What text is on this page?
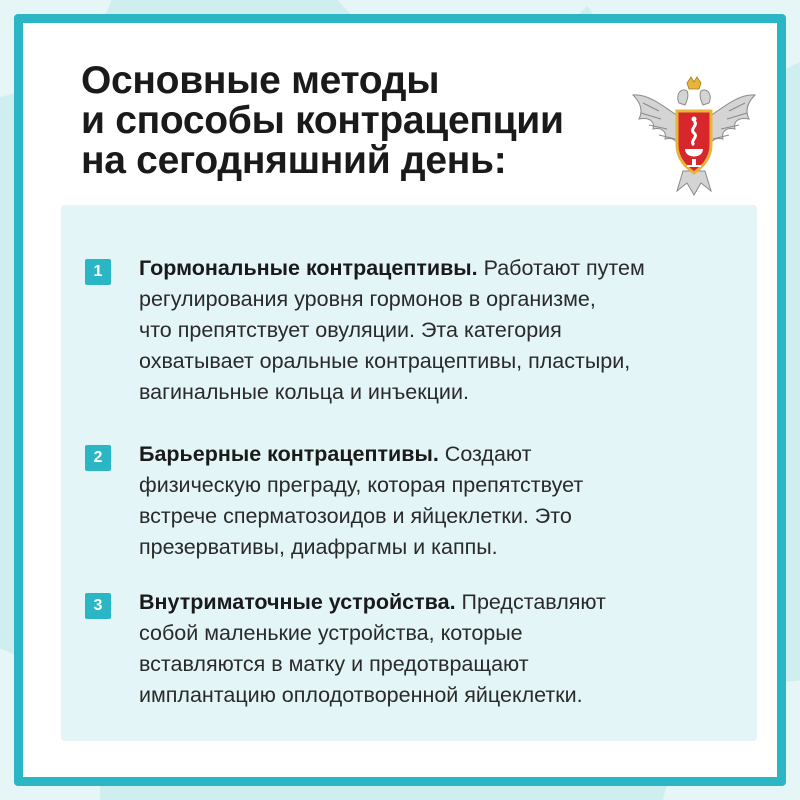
Основные методы
и способы контрацепции
на сегодняшний день:
1	Гормональные контрацептивы. Работают путем
регулирования уровня гормонов в организме,
что препятствует овуляции. Эта категория
охватывает оральные контрацептивы, пластыри,
вагинальные кольца и инъекции.
2	Барьерные контрацептивы. Создают
физическую преграду, которая препятствует
встрече сперматозоидов и яйцеклетки. Это
презервативы, диафрагмы и каппы.
3	Внутриматочные устройства. Представляют
собой маленькие устройства, которые
вставляются в матку и предотвращают
имплантацию оплодотворенной яйцеклетки.
